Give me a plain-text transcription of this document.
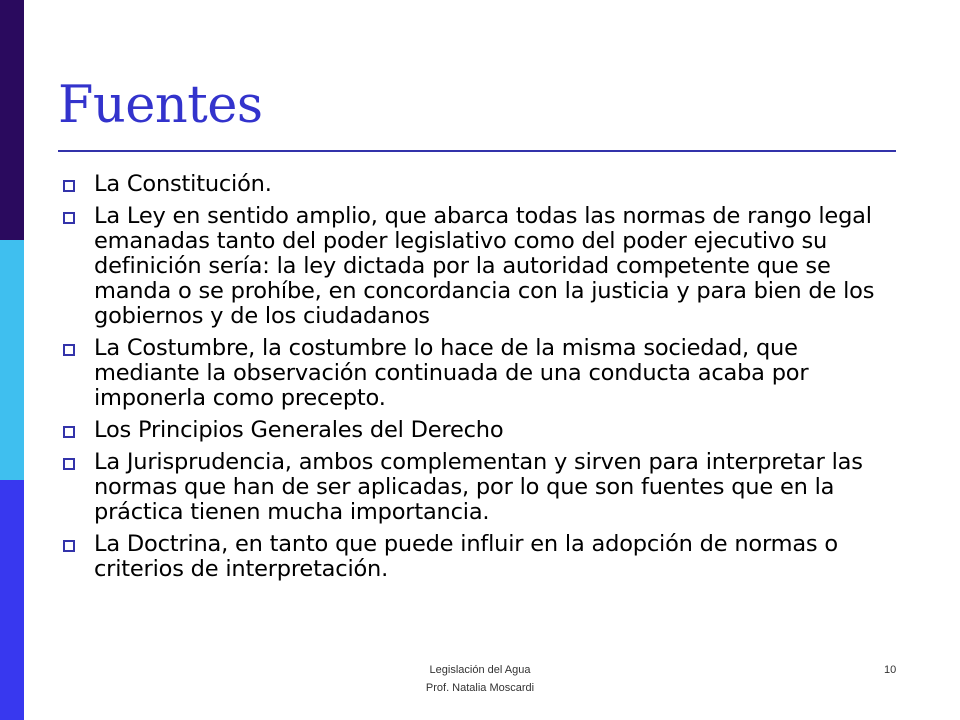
Fuentes
La Constitución.
La Ley en sentido amplio, que abarca todas las normas de rango legal emanadas tanto del poder legislativo como del poder ejecutivo su definición sería: la ley dictada por la autoridad competente que se manda o se prohíbe, en concordancia con la justicia y para bien de los gobiernos y de los ciudadanos
La Costumbre, la costumbre lo hace de la misma sociedad, que mediante la observación continuada de una conducta acaba por imponerla como precepto.
Los Principios Generales del Derecho
La Jurisprudencia, ambos complementan y sirven para interpretar las normas que han de ser aplicadas, por lo que son fuentes que en la práctica tienen mucha importancia.
La Doctrina, en tanto que puede influir en la adopción de normas o criterios de interpretación.
Legislación del Agua
Prof. Natalia Moscardi
10
